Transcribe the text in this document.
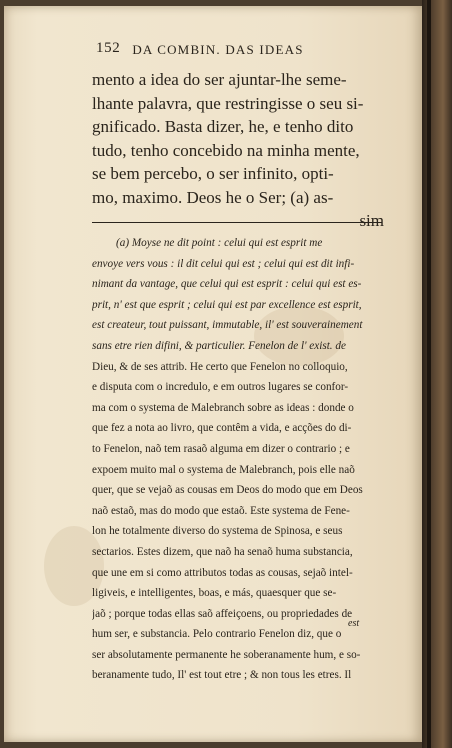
152 DA COMBIN. DAS IDEAS
mento a idea do ser ajuntar-lhe seme-
lhante palavra, que restringisse o seu si-
gnificado. Basta dizer, he, e tenho dito
tudo, tenho concebido na minha mente,
se bem percebo, o ser infinito, opti-
mo, maximo. Deos he o Ser; (a) as-
sim
(a) Moyse ne dit point : celui qui est esprit me
envoye vers vous : il dit celui qui est ; celui qui est dit infi-
nimant da vantage, que celui qui est esprit : celui qui est es-
prit, n' est que esprit ; celui qui est par excellence est esprit,
est createur, tout puissant, immutable, il' est souverainement
sans etre rien difini, & particulier. Fenelon de l' exist. de
Dieu, & de ses attrib. He certo que Fenelon no colloquio,
e disputa com o incredulo, e em outros lugares se confor-
ma com o systema de Malebranch sobre as ideas : donde o
que fez a nota ao livro, que contêm a vida, e acções do di-
to Fenelon, naõ tem rasaõ alguma em dizer o contrario ; e
expoem muito mal o systema de Malebranch, pois elle naõ
quer, que se vejaõ as cousas em Deos do modo que em Deos
naõ estaõ, mas do modo que estaõ. Este systema de Fene-
lon he totalmente diverso do systema de Spinosa, e seus
sectarios. Estes dizem, que naõ ha senaõ huma substancia,
que une em si como attributos todas as cousas, sejaõ intel-
ligiveis, e intelligentes, boas, e más, quaesquer que se-
jaõ ; porque todas ellas saõ affeiçoens, ou propriedades de
hum ser, e substancia. Pelo contrario Fenelon diz, que o
ser absolutamente permanente he soberanamente hum, e so-
beranamente tudo, Il' est tout etre ; & non tous les etres. Il
est
